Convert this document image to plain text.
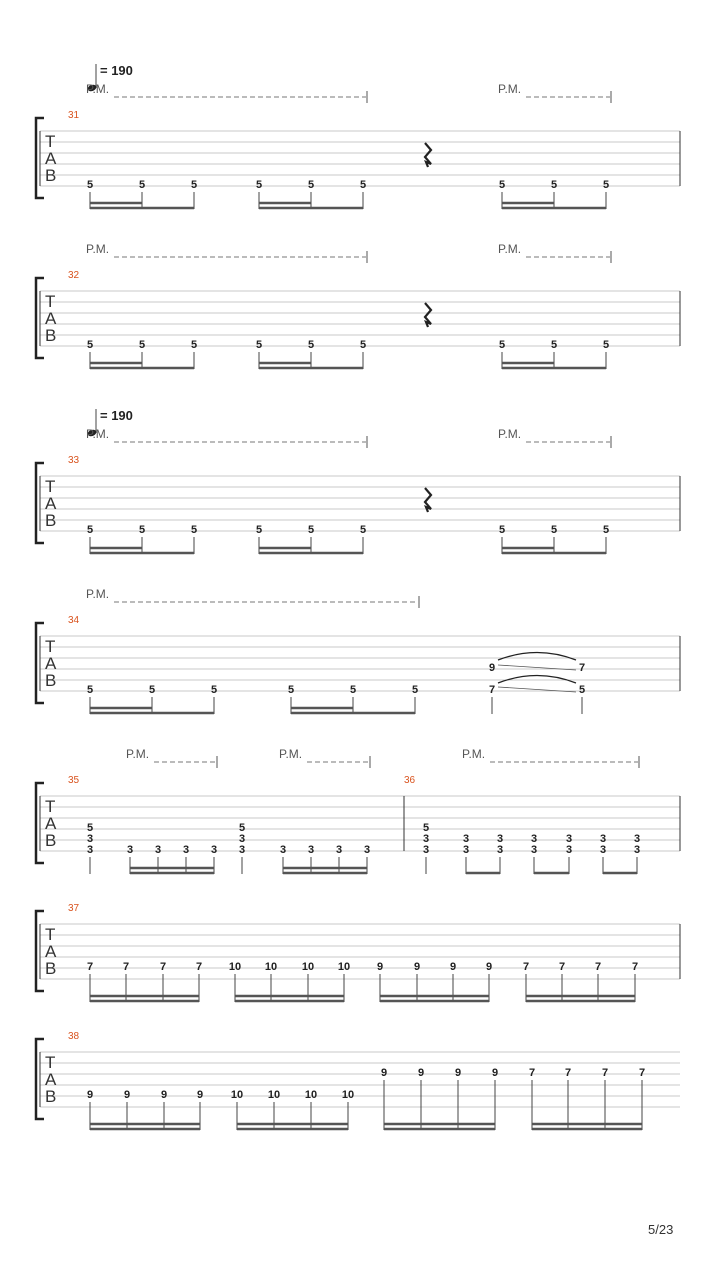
= 190
P.M.	P.M.
31
T
A
B	5	5	5	5	5	5	5	5	5
P.M.	P.M.
32
T
A
B	5	5	5	5	5	5	5	5	5
= 190
P.M.	P.M.
33
T
A
B	5	5	5	5	5	5	5	5	5
P.M.
34
T
A
B	5	5	5	5	5	5
9	7
7	5
P.M.	P.M.	P.M.
35	36
T
A
B
5
3
3	3 3 3 3
5
3
3	3 3 3 3
5
3
3
3
3
3
3
3
3
3
3
3
3
3
3
37
T
A
B	7	7	7	7 10 10 10 10 9	9	9	9	7	7	7	7
38
T
A
B	9	9	9	9	10 10 10 10
9	9	9	9	7	7	7	7
5/23
